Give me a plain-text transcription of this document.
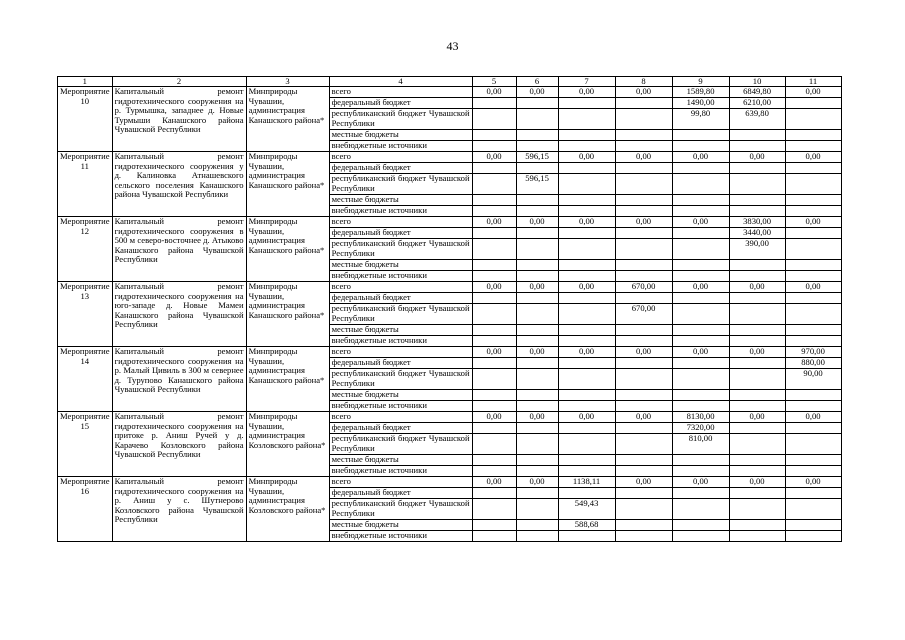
43
1	2	3	4	5	6	7	8	9	10	11
Мероприятие 10	Капитальный ремонт гидротехнического сооружения на р. Турмышка, западнее д. Новые Турмыши Канашского района Чувашской Республики	Минприроды Чувашии, администрация Канашского района*	всего	0,00	0,00	0,00	0,00	1589,80	6849,80	0,00
			федеральный бюджет					1490,00	6210,00	
			республиканский бюджет Чувашской Республики					99,80	639,80	
			местные бюджеты							
			внебюджетные источники							
Мероприятие 11	Капитальный ремонт гидротехнического сооружения у д. Калиновка Атнашевского сельского поселения Канашского района Чувашской Республики	Минприроды Чувашии, администрация Канашского района*	всего	0,00	596,15	0,00	0,00	0,00	0,00	0,00
			федеральный бюджет							
			республиканский бюджет Чувашской Республики		596,15					
			местные бюджеты							
			внебюджетные источники							
Мероприятие 12	Капитальный ремонт гидротехнического сооружения в 500 м северо-восточнее д. Атыково Канашского района Чувашской Республики	Минприроды Чувашии, администрация Канашского района*	всего	0,00	0,00	0,00	0,00	0,00	3830,00	0,00
			федеральный бюджет						3440,00	
			республиканский бюджет Чувашской Республики						390,00	
			местные бюджеты							
			внебюджетные источники							
Мероприятие 13	Капитальный ремонт гидротехнического сооружения на юго-западе д. Новые Мамеи Канашского района Чувашской Республики	Минприроды Чувашии, администрация Канашского района*	всего	0,00	0,00	0,00	670,00	0,00	0,00	0,00
			федеральный бюджет							
			республиканский бюджет Чувашской Республики				670,00			
			местные бюджеты							
			внебюджетные источники							
Мероприятие 14	Капитальный ремонт гидротехнического сооружения на р. Малый Цивиль в 300 м севернее д. Турупово Канашского района Чувашской Республики	Минприроды Чувашии, администрация Канашского района*	всего	0,00	0,00	0,00	0,00	0,00	0,00	970,00
			федеральный бюджет							880,00
			республиканский бюджет Чувашской Республики							90,00
			местные бюджеты							
			внебюджетные источники							
Мероприятие 15	Капитальный ремонт гидротехнического сооружения на притоке р. Аниш Ручей у д. Карачево Козловского района Чувашской Республики	Минприроды Чувашии, администрация Козловского района*	всего	0,00	0,00	0,00	0,00	8130,00	0,00	0,00
			федеральный бюджет					7320,00		
			республиканский бюджет Чувашской Республики					810,00		
			местные бюджеты							
			внебюджетные источники							
Мероприятие 16	Капитальный ремонт гидротехнического сооружения на р. Аниш у с. Шутнерово Козловского района Чувашской Республики	Минприроды Чувашии, администрация Козловского района*	всего	0,00	0,00	1138,11	0,00	0,00	0,00	0,00
			федеральный бюджет							
			республиканский бюджет Чувашской Республики			549,43				
			местные бюджеты			588,68				
			внебюджетные источники							
